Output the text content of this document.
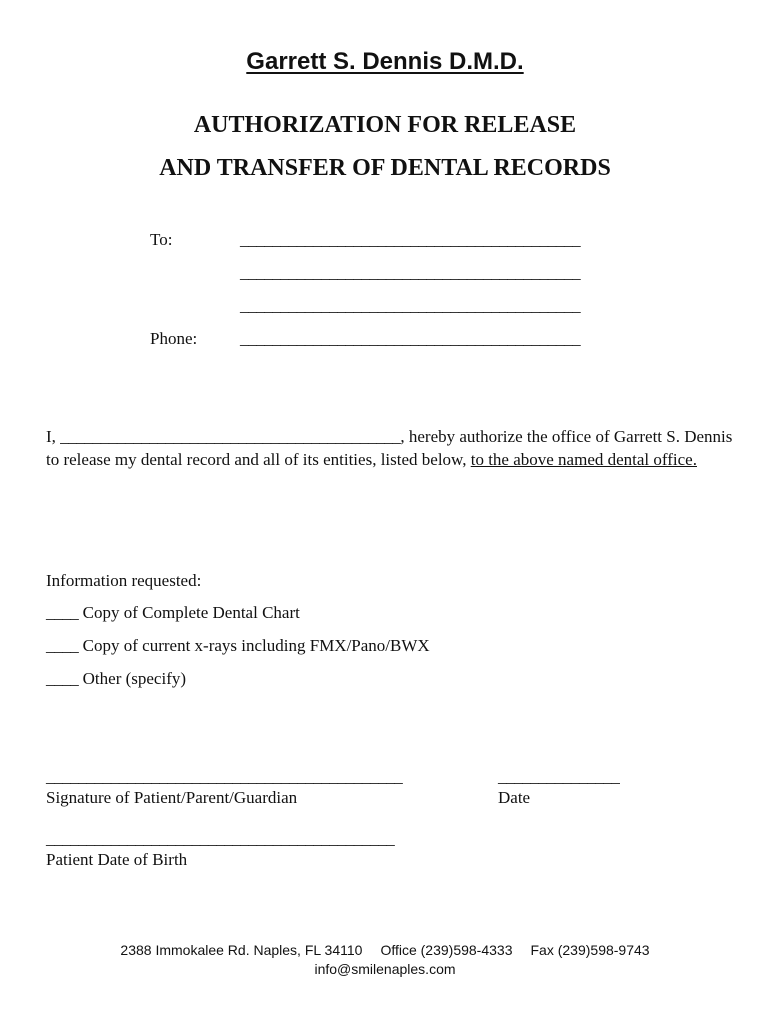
Garrett S. Dennis D.M.D.
AUTHORIZATION FOR RELEASE
AND TRANSFER OF DENTAL RECORDS
To:	__________________________________________
__________________________________________
__________________________________________
Phone:	__________________________________________
I, __________________________________________, hereby authorize the office of Garrett S. Dennis to release my dental record and all of its entities, listed below, to the above named dental office.
Information requested:
____ Copy of Complete Dental Chart
____ Copy of current x-rays including FMX/Pano/BWX
____ Other (specify)
____________________________________________
Signature of Patient/Parent/Guardian
_______________
Date
___________________________________________
Patient Date of Birth
2388 Immokalee Rd. Naples, FL 34110 Office (239)598-4333 Fax (239)598-9743
info@smilenaples.com
